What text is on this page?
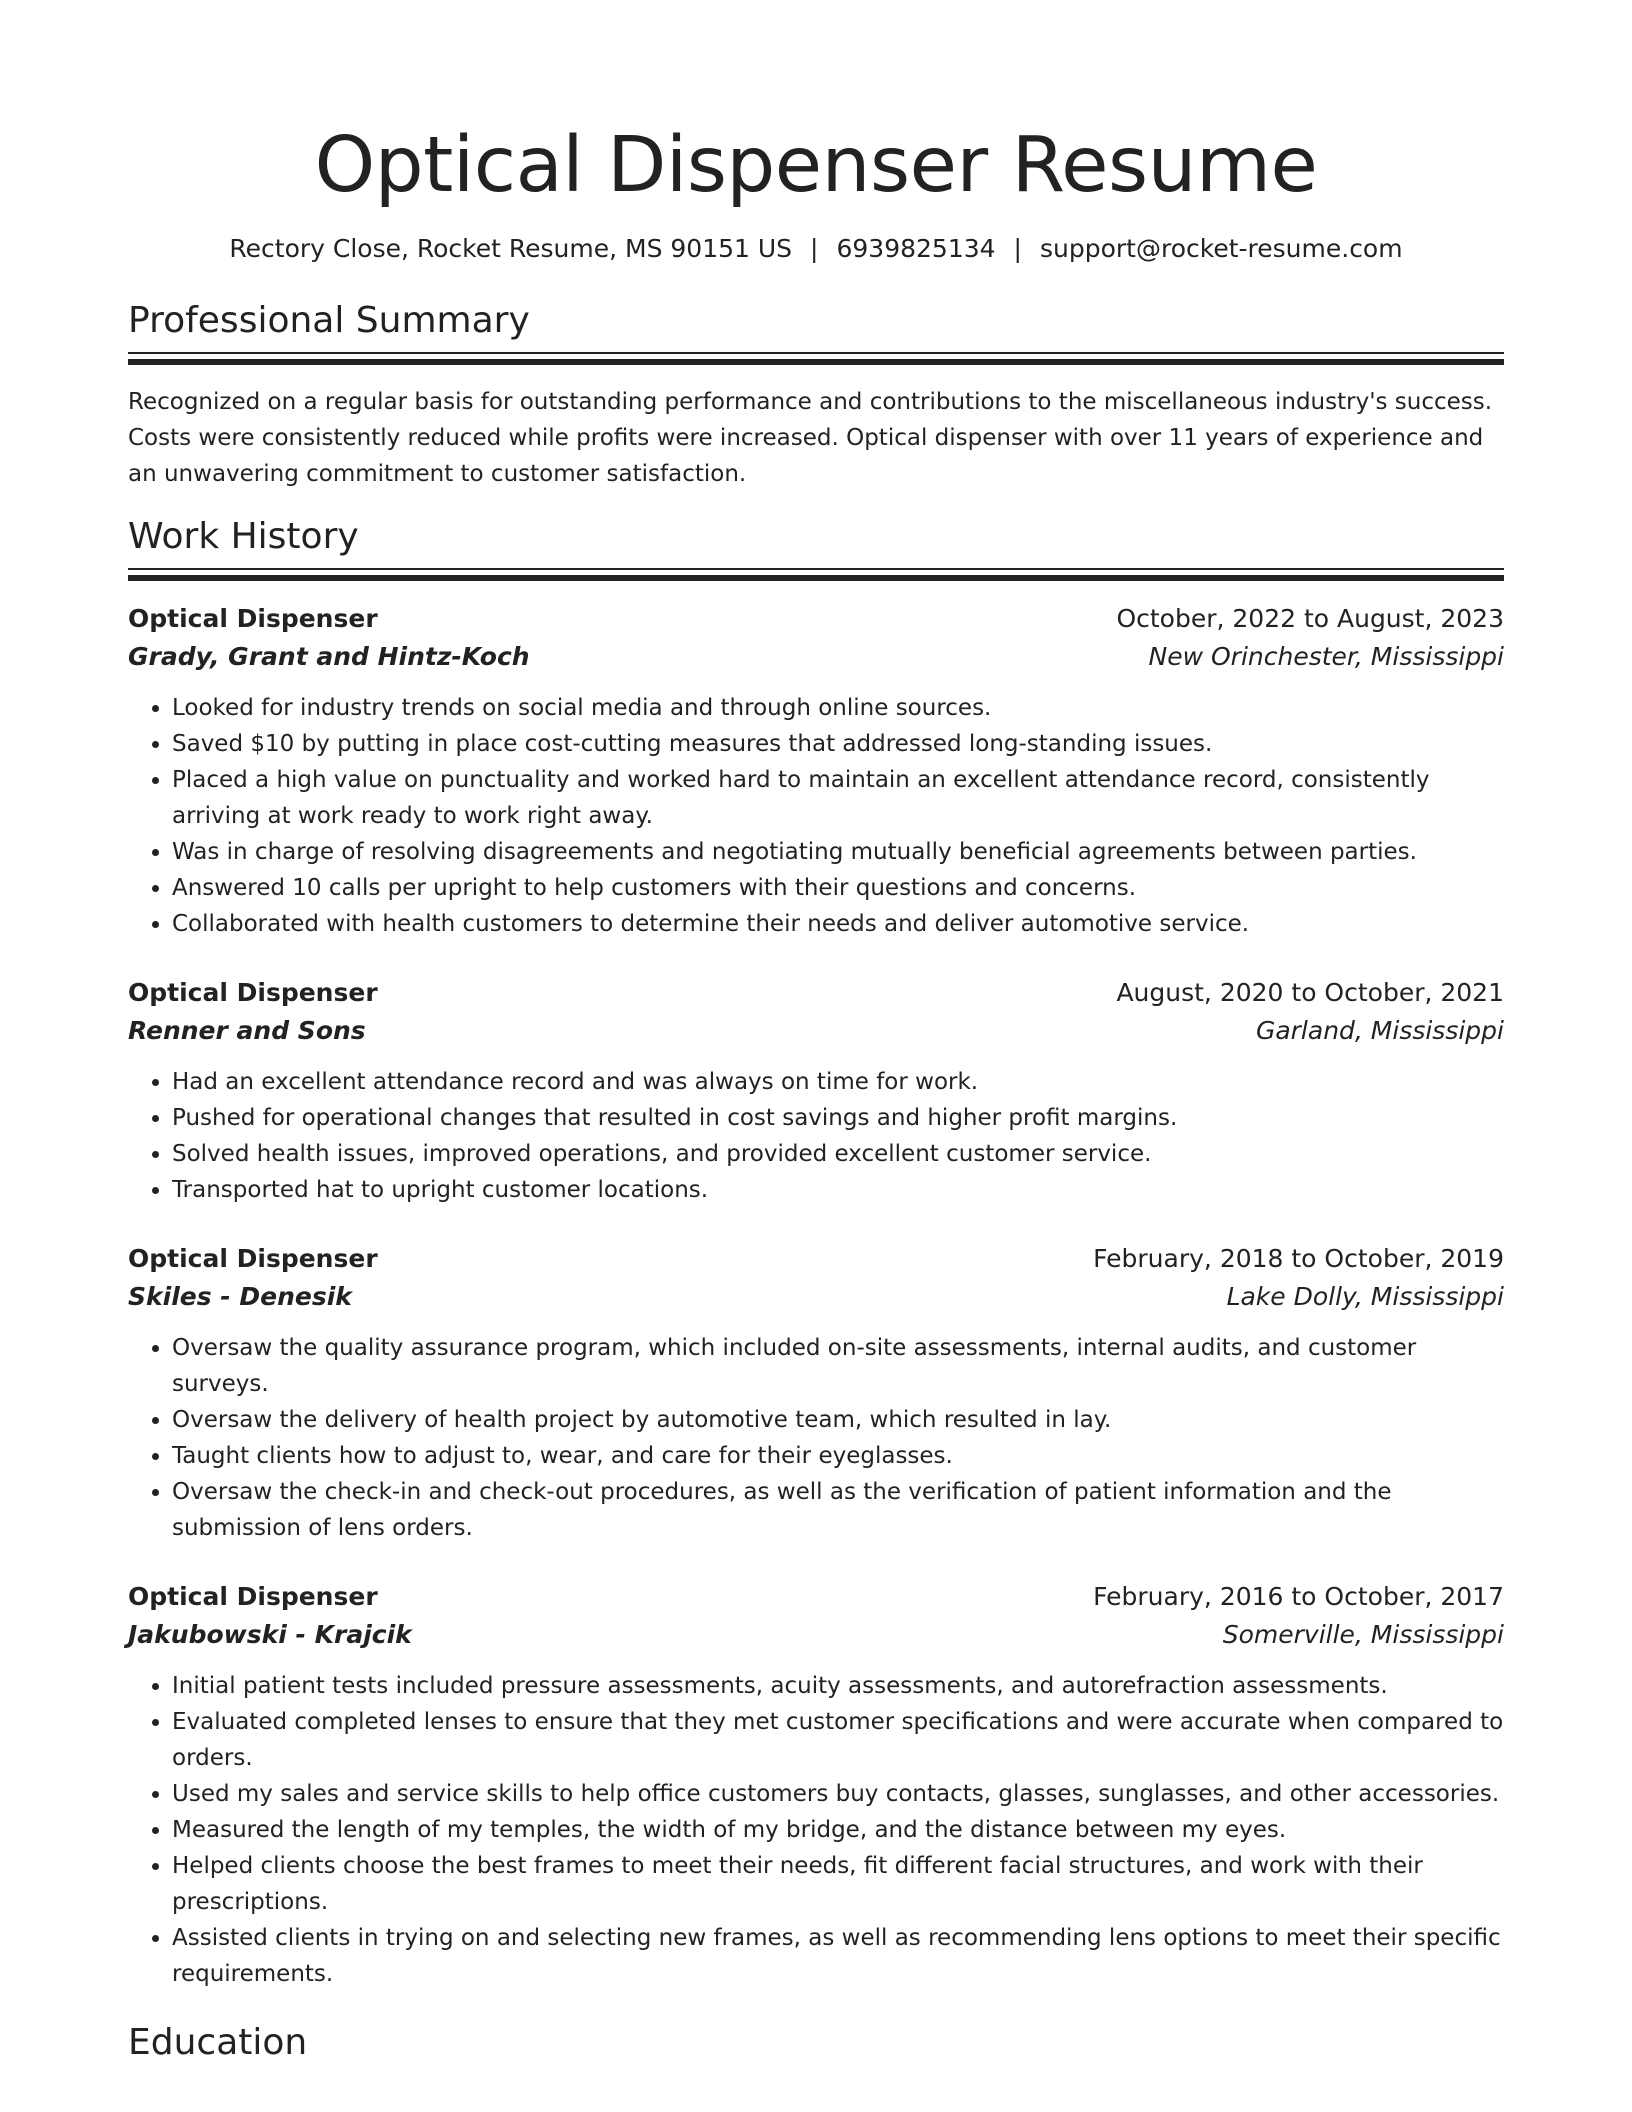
Optical Dispenser Resume
Rectory Close, Rocket Resume, MS 90151 US | 6939825134 | support@rocket-resume.com
Professional Summary

Recognized on a regular basis for outstanding performance and contributions to the miscellaneous industry's success. Costs were consistently reduced while profits were increased. Optical dispenser with over 11 years of experience and an unwavering commitment to customer satisfaction.

Work History
Optical Dispenser	October, 2022 to August, 2023
Grady, Grant and Hintz-Koch	New Orinchester, Mississippi
• Looked for industry trends on social media and through online sources.
• Saved $10 by putting in place cost-cutting measures that addressed long-standing issues.
• Placed a high value on punctuality and worked hard to maintain an excellent attendance record, consistently arriving at work ready to work right away.
• Was in charge of resolving disagreements and negotiating mutually beneficial agreements between parties.
• Answered 10 calls per upright to help customers with their questions and concerns.
• Collaborated with health customers to determine their needs and deliver automotive service.
Optical Dispenser	August, 2020 to October, 2021
Renner and Sons	Garland, Mississippi
• Had an excellent attendance record and was always on time for work.
• Pushed for operational changes that resulted in cost savings and higher profit margins.
• Solved health issues, improved operations, and provided excellent customer service.
• Transported hat to upright customer locations.
Optical Dispenser	February, 2018 to October, 2019
Skiles - Denesik	Lake Dolly, Mississippi
• Oversaw the quality assurance program, which included on-site assessments, internal audits, and customer surveys.
• Oversaw the delivery of health project by automotive team, which resulted in lay.
• Taught clients how to adjust to, wear, and care for their eyeglasses.
• Oversaw the check-in and check-out procedures, as well as the verification of patient information and the submission of lens orders.
Optical Dispenser	February, 2016 to October, 2017
Jakubowski - Krajcik	Somerville, Mississippi
• Initial patient tests included pressure assessments, acuity assessments, and autorefraction assessments.
• Evaluated completed lenses to ensure that they met customer specifications and were accurate when compared to orders.
• Used my sales and service skills to help office customers buy contacts, glasses, sunglasses, and other accessories.
• Measured the length of my temples, the width of my bridge, and the distance between my eyes.
• Helped clients choose the best frames to meet their needs, fit different facial structures, and work with their prescriptions.
• Assisted clients in trying on and selecting new frames, as well as recommending lens options to meet their specific requirements.
Education
